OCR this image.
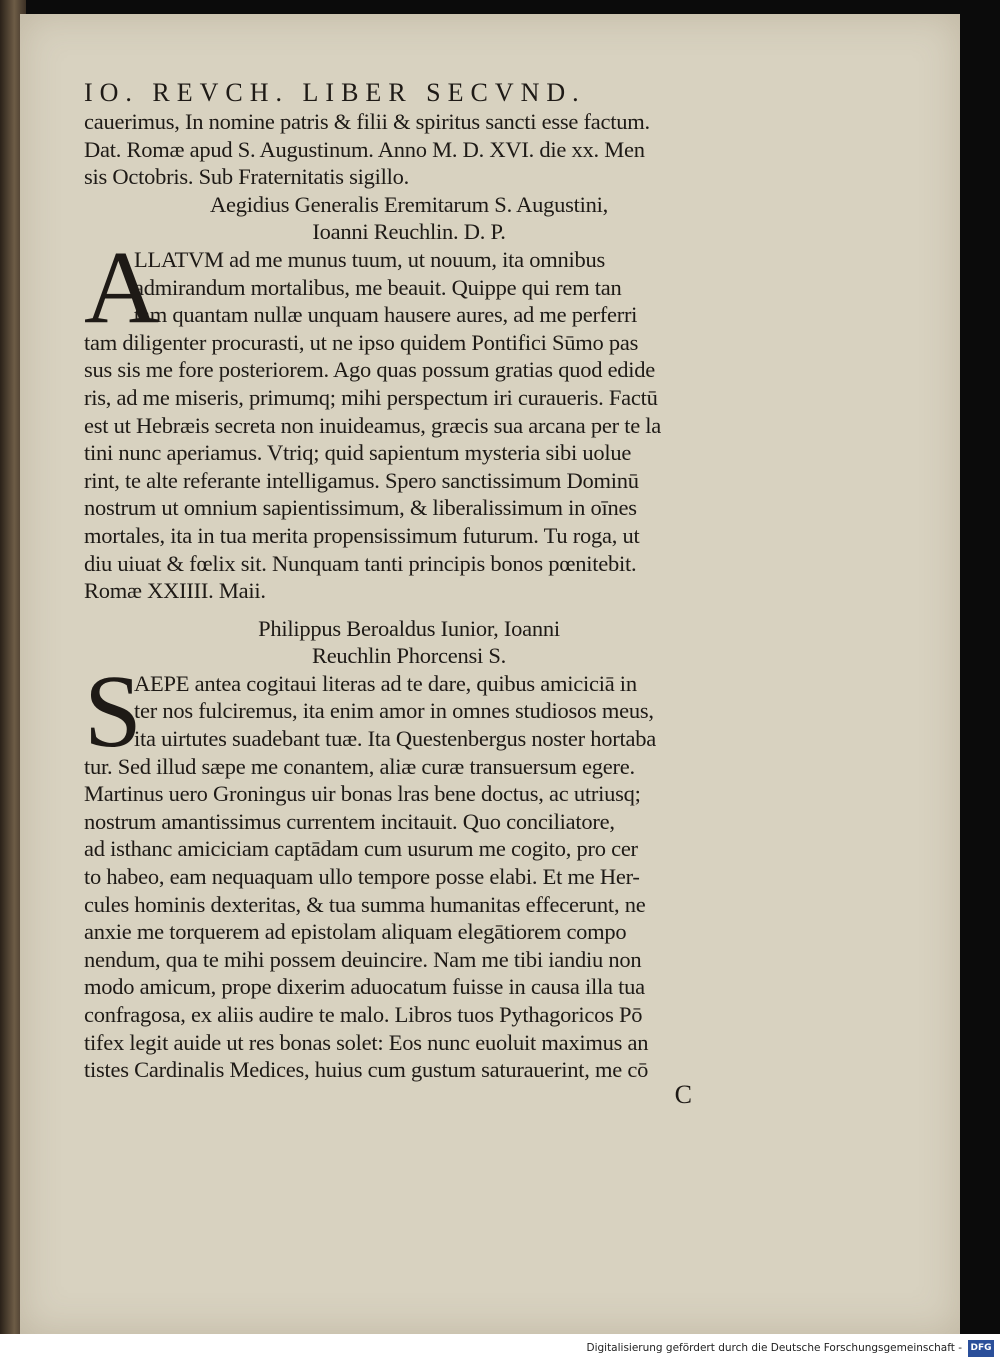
IO. REVCH. LIBER SECVND.
cauerimus, In nomine patris & filii & spiritus sancti esse factum.
Dat. Romæ apud S. Augustinum. Anno M. D. XVI. die xx. Men
sis Octobris. Sub Fraternitatis sigillo.
Aegidius Generalis Eremitarum S. Augustini,
Ioanni Reuchlin. D. P.
A
LLATVM ad me munus tuum, ut nouum, ita omnibus
admirandum mortalibus, me beauit. Quippe qui rem tan
tam quantam nullæ unquam hausere aures, ad me perferri
tam diligenter procurasti, ut ne ipso quidem Pontifici Sūmo pas
sus sis me fore posteriorem. Ago quas possum gratias quod edide
ris, ad me miseris, primumq; mihi perspectum iri curaueris. Factū
est ut Hebræis secreta non inuideamus, græcis sua arcana per te la
tini nunc aperiamus. Vtriq; quid sapientum mysteria sibi uolue
rint, te alte referante intelligamus. Spero sanctissimum Dominū
nostrum ut omnium sapientissimum, & liberalissimum in oīnes
mortales, ita in tua merita propensissimum futurum. Tu roga, ut
diu uiuat & fœlix sit. Nunquam tanti principis bonos pœnitebit.
Romæ XXIIII. Maii.
Philippus Beroaldus Iunior, Ioanni
Reuchlin Phorcensi S.
S
AEPE antea cogitaui literas ad te dare, quibus amiciciā in
ter nos fulciremus, ita enim amor in omnes studiosos meus,
ita uirtutes suadebant tuæ. Ita Questenbergus noster hortaba
tur. Sed illud sæpe me conantem, aliæ curæ transuersum egere.
Martinus uero Groningus uir bonas lras bene doctus, ac utriusq;
nostrum amantissimus currentem incitauit. Quo conciliatore,
ad isthanc amiciciam captādam cum usurum me cogito, pro cer
to habeo, eam nequaquam ullo tempore posse elabi. Et me Her-
cules hominis dexteritas, & tua summa humanitas effecerunt, ne
anxie me torquerem ad epistolam aliquam elegātiorem compo
nendum, qua te mihi possem deuincire. Nam me tibi iandiu non
modo amicum, prope dixerim aduocatum fuisse in causa illa tua
confragosa, ex aliis audire te malo. Libros tuos Pythagoricos Pō
tifex legit auide ut res bonas solet: Eos nunc euoluit maximus an
tistes Cardinalis Medices, huius cum gustum saturauerint, me cō
C
Digitalisierung gefördert durch die Deutsche Forschungsgemeinschaft - DFG
